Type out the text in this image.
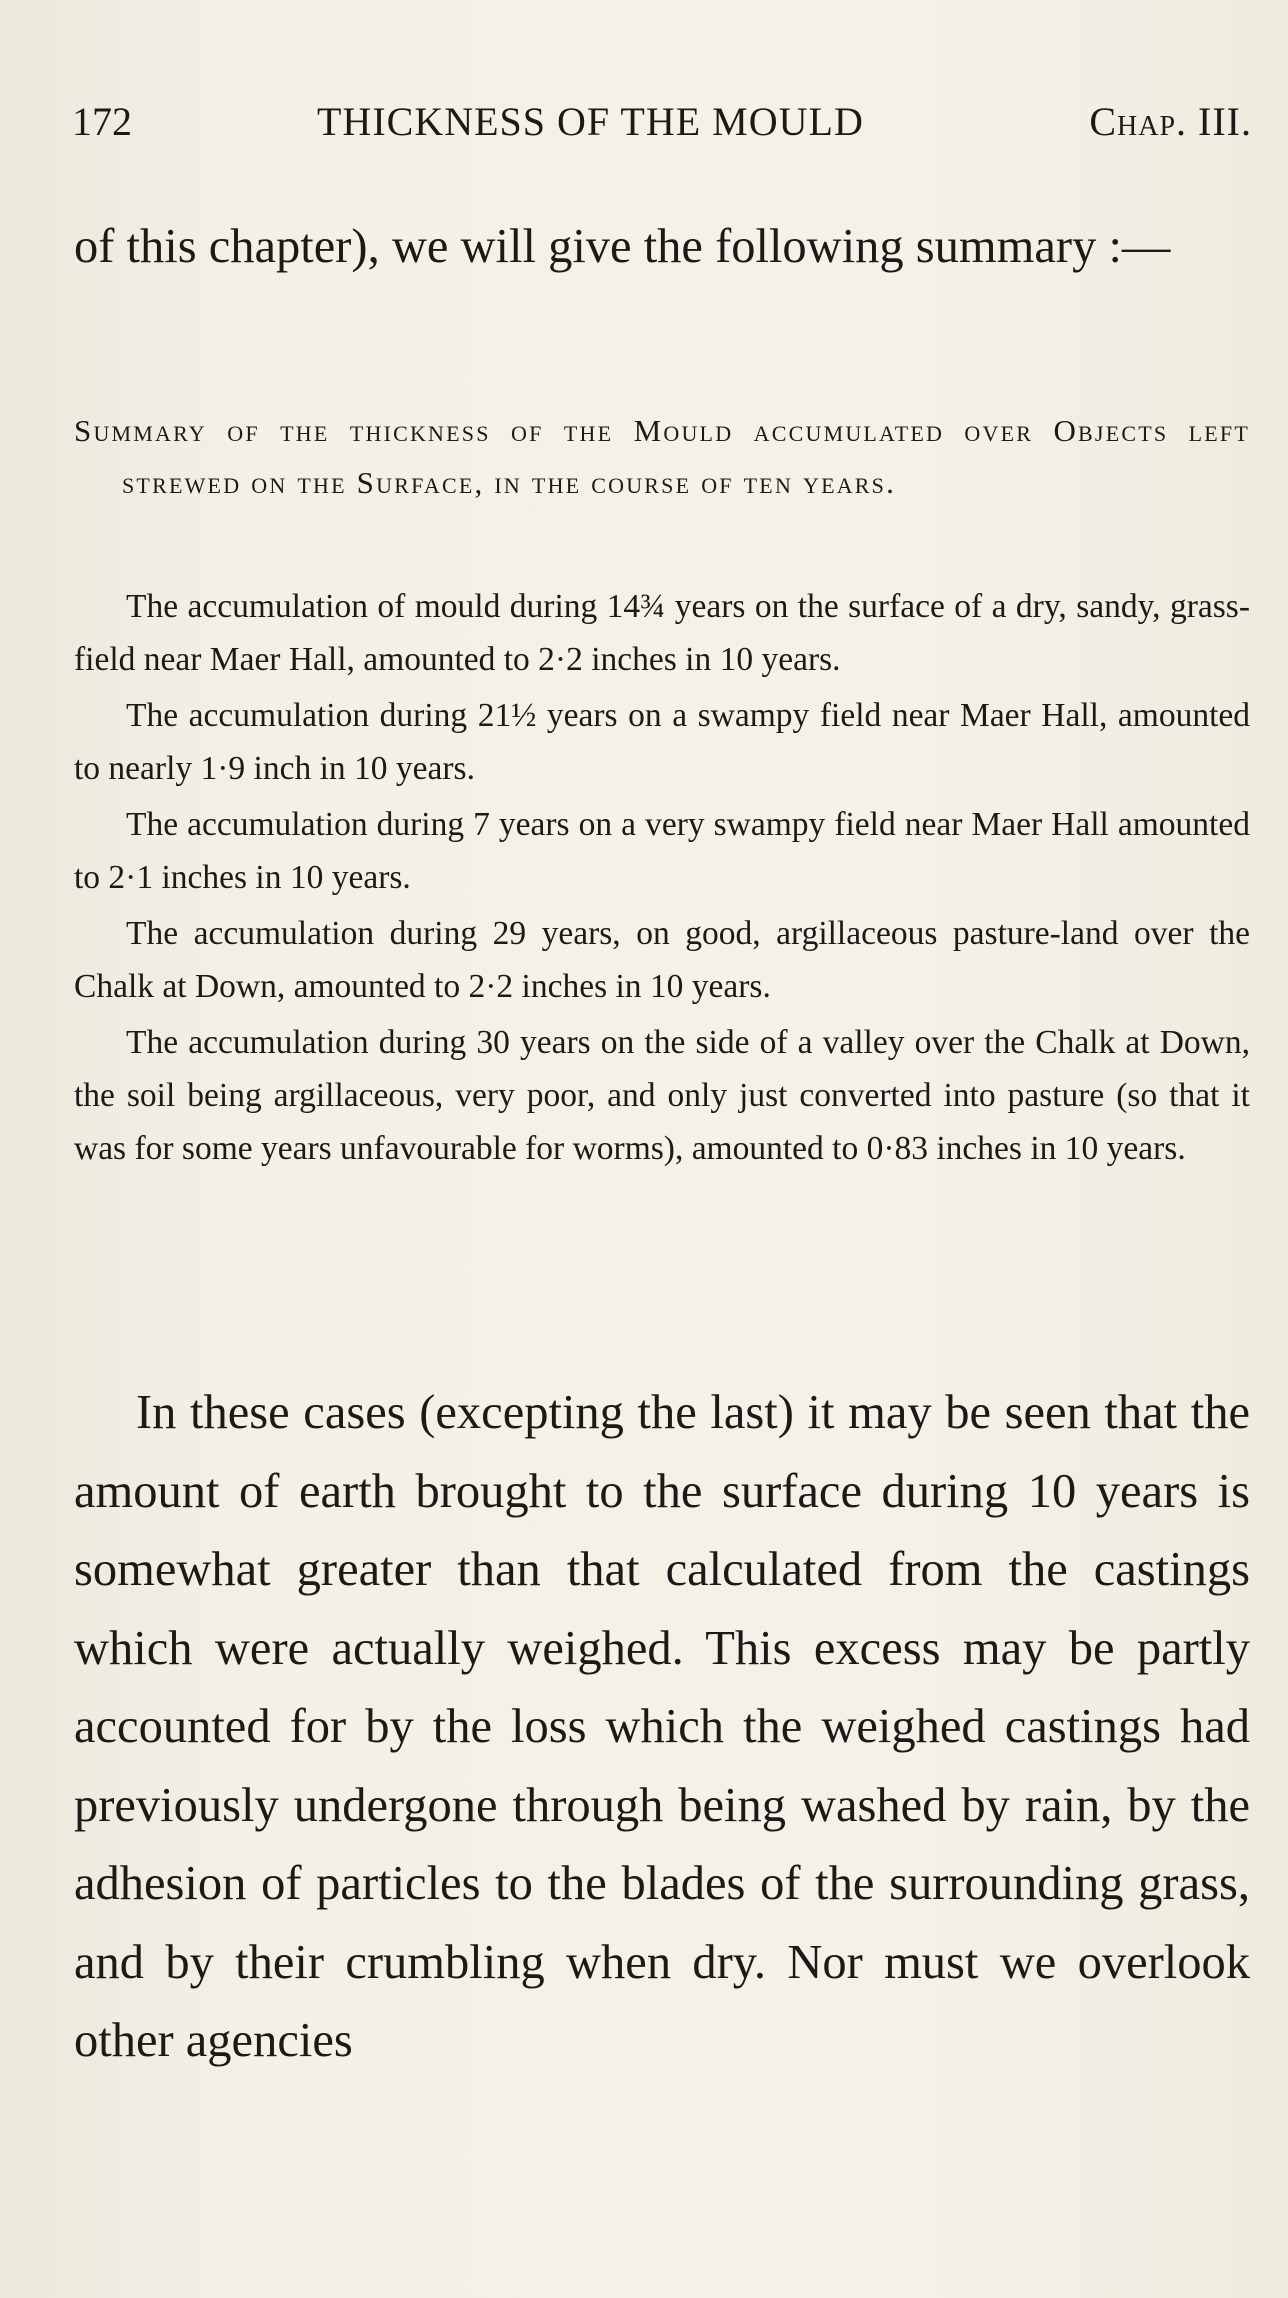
172	THICKNESS OF THE MOULD	Chap. III.

of this chapter), we will give the following summary :—

Summary of the thickness of the Mould accumulated over Objects left strewed on the Surface, in the course of ten years.

The accumulation of mould during 14¾ years on the surface of a dry, sandy, grass-field near Maer Hall, amounted to 2·2 inches in 10 years.

The accumulation during 21½ years on a swampy field near Maer Hall, amounted to nearly 1·9 inch in 10 years.

The accumulation during 7 years on a very swampy field near Maer Hall amounted to 2·1 inches in 10 years.

The accumulation during 29 years, on good, argillaceous pasture-land over the Chalk at Down, amounted to 2·2 inches in 10 years.

The accumulation during 30 years on the side of a valley over the Chalk at Down, the soil being argillaceous, very poor, and only just converted into pasture (so that it was for some years unfavourable for worms), amounted to 0·83 inches in 10 years.

In these cases (excepting the last) it may be seen that the amount of earth brought to the surface during 10 years is somewhat greater than that calculated from the castings which were actually weighed. This excess may be partly accounted for by the loss which the weighed castings had previously undergone through being washed by rain, by the adhesion of particles to the blades of the surrounding grass, and by their crumbling when dry. Nor must we overlook other agencies
